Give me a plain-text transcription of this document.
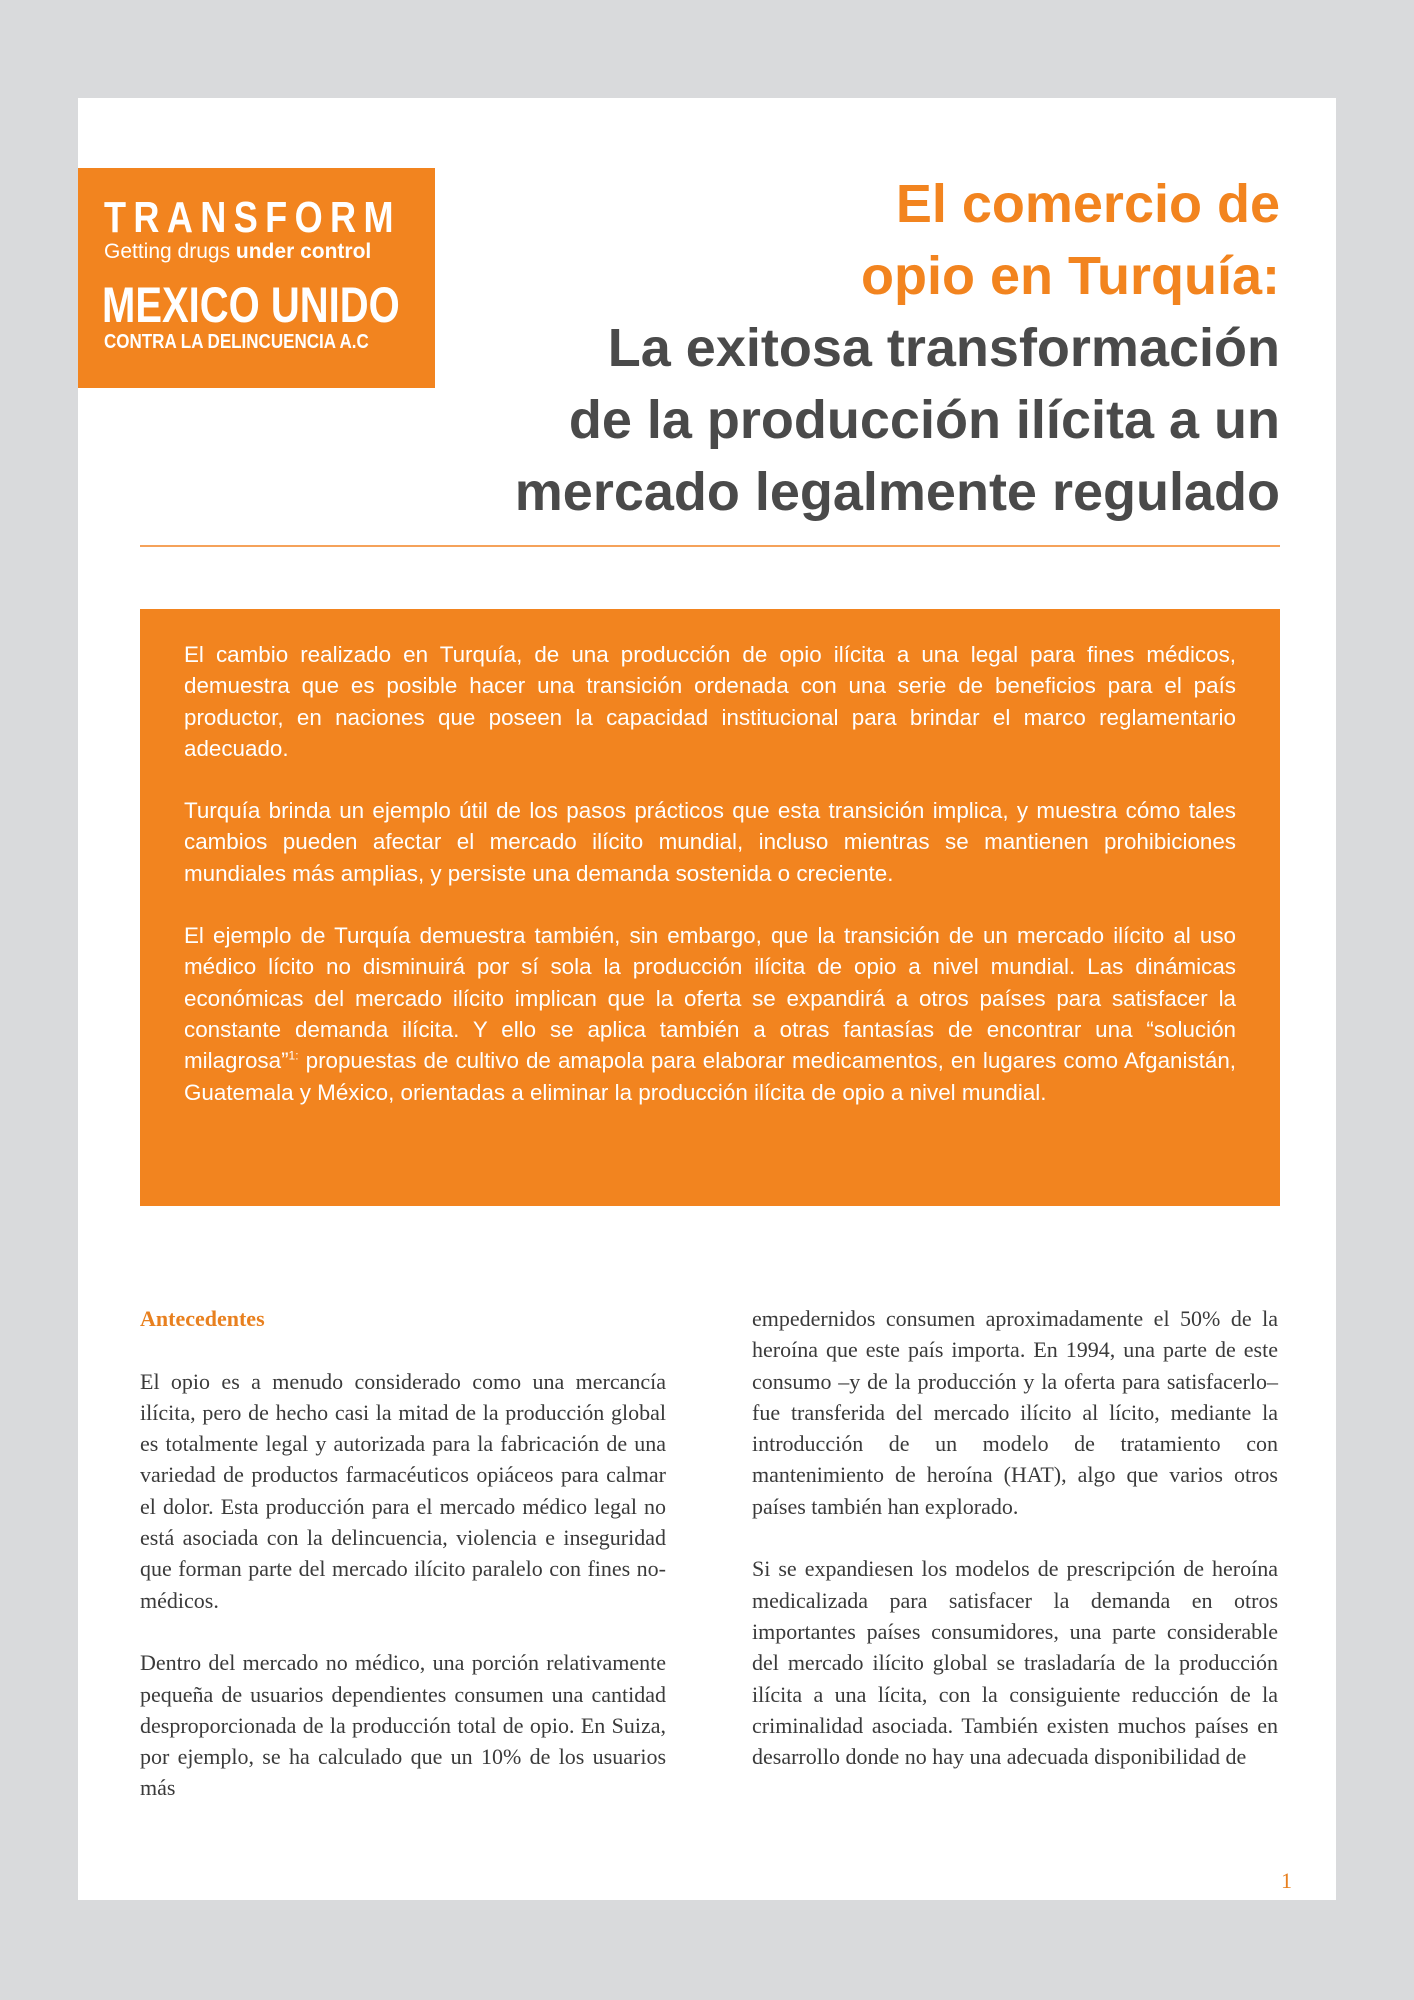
TRANSFORM
Getting drugs under control
MEXICO UNIDO
CONTRA LA DELINCUENCIA A.C
El comercio de
opio en Turquía:
La exitosa transformación
de la producción ilícita a un
mercado legalmente regulado

El cambio realizado en Turquía, de una producción de opio ilícita a una legal para fines médicos, demuestra que es posible hacer una transición ordenada con una serie de beneficios para el país productor, en naciones que poseen la capacidad institucional para brindar el marco reglamentario adecuado.

Turquía brinda un ejemplo útil de los pasos prácticos que esta transición implica, y muestra cómo tales cambios pueden afectar el mercado ilícito mundial, incluso mientras se mantienen prohibiciones mundiales más amplias, y persiste una demanda sostenida o creciente.

El ejemplo de Turquía demuestra también, sin embargo, que la transición de un mercado ilícito al uso médico lícito no disminuirá por sí sola la producción ilícita de opio a nivel mundial. Las dinámicas económicas del mercado ilícito implican que la oferta se expandirá a otros países para satisfacer la constante demanda ilícita. Y ello se aplica también a otras fantasías de encontrar una “solución milagrosa”$^{1:}$ propuestas de cultivo de amapola para elaborar medicamentos, en lugares como Afganistán, Guatemala y México, orientadas a eliminar la producción ilícita de opio a nivel mundial.

Antecedentes

El opio es a menudo considerado como una mercancía ilícita, pero de hecho casi la mitad de la producción global es totalmente legal y autorizada para la fabricación de una variedad de productos farmacéuticos opiáceos para calmar el dolor. Esta producción para el mercado médico legal no está asociada con la delincuencia, violencia e inseguridad que forman parte del mercado ilícito paralelo con fines no-médicos.

Dentro del mercado no médico, una porción relativamente pequeña de usuarios dependientes consumen una cantidad desproporcionada de la producción total de opio. En Suiza, por ejemplo, se ha calculado que un 10% de los usuarios más

empedernidos consumen aproximadamente el 50% de la heroína que este país importa. En 1994, una parte de este consumo –y de la producción y la oferta para satisfacerlo– fue transferida del mercado ilícito al lícito, mediante la introducción de un modelo de tratamiento con mantenimiento de heroína (HAT), algo que varios otros países también han explorado.

Si se expandiesen los modelos de prescripción de heroína medicalizada para satisfacer la demanda en otros importantes países consumidores, una parte considerable del mercado ilícito global se trasladaría de la producción ilícita a una lícita, con la consiguiente reducción de la criminalidad asociada. También existen muchos países en desarrollo donde no hay una adecuada disponibilidad de

1
